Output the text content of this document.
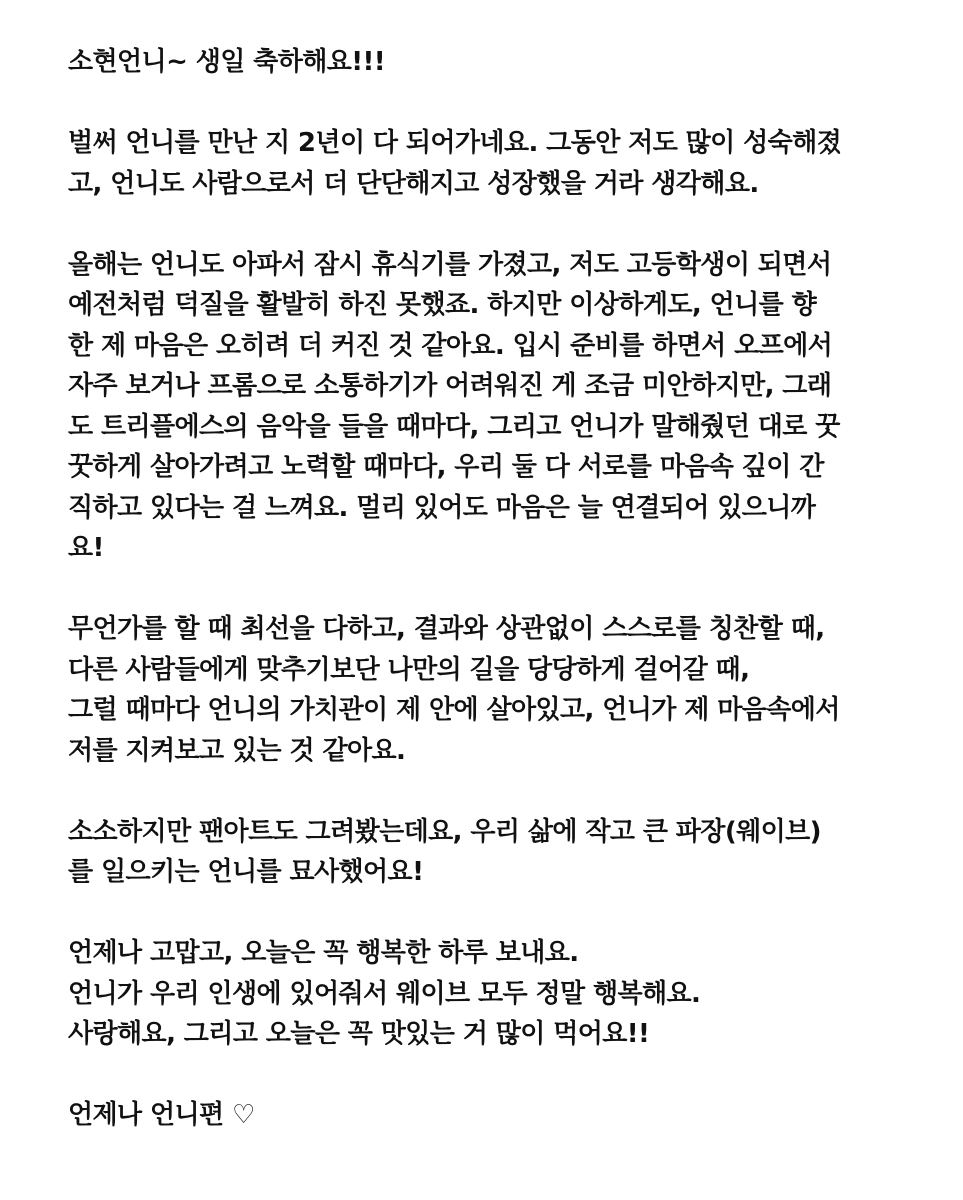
소현언니~ 생일 축하해요!!!
벌써 언니를 만난 지 2년이 다 되어가네요. 그동안 저도 많이 성숙해졌
고, 언니도 사람으로서 더 단단해지고 성장했을 거라 생각해요.
올해는 언니도 아파서 잠시 휴식기를 가졌고, 저도 고등학생이 되면서
예전처럼 덕질을 활발히 하진 못했죠. 하지만 이상하게도, 언니를 향
한 제 마음은 오히려 더 커진 것 같아요. 입시 준비를 하면서 오프에서
자주 보거나 프롬으로 소통하기가 어려워진 게 조금 미안하지만, 그래
도 트리플에스의 음악을 들을 때마다, 그리고 언니가 말해줬던 대로 꿋
꿋하게 살아가려고 노력할 때마다, 우리 둘 다 서로를 마음속 깊이 간
직하고 있다는 걸 느껴요. 멀리 있어도 마음은 늘 연결되어 있으니까
요!
무언가를 할 때 최선을 다하고, 결과와 상관없이 스스로를 칭찬할 때,
다른 사람들에게 맞추기보단 나만의 길을 당당하게 걸어갈 때,
그럴 때마다 언니의 가치관이 제 안에 살아있고, 언니가 제 마음속에서
저를 지켜보고 있는 것 같아요.
소소하지만 팬아트도 그려봤는데요, 우리 삶에 작고 큰 파장(웨이브)
를 일으키는 언니를 묘사했어요!
언제나 고맙고, 오늘은 꼭 행복한 하루 보내요.
언니가 우리 인생에 있어줘서 웨이브 모두 정말 행복해요.
사랑해요, 그리고 오늘은 꼭 맛있는 거 많이 먹어요!!
언제나 언니편 ♡
